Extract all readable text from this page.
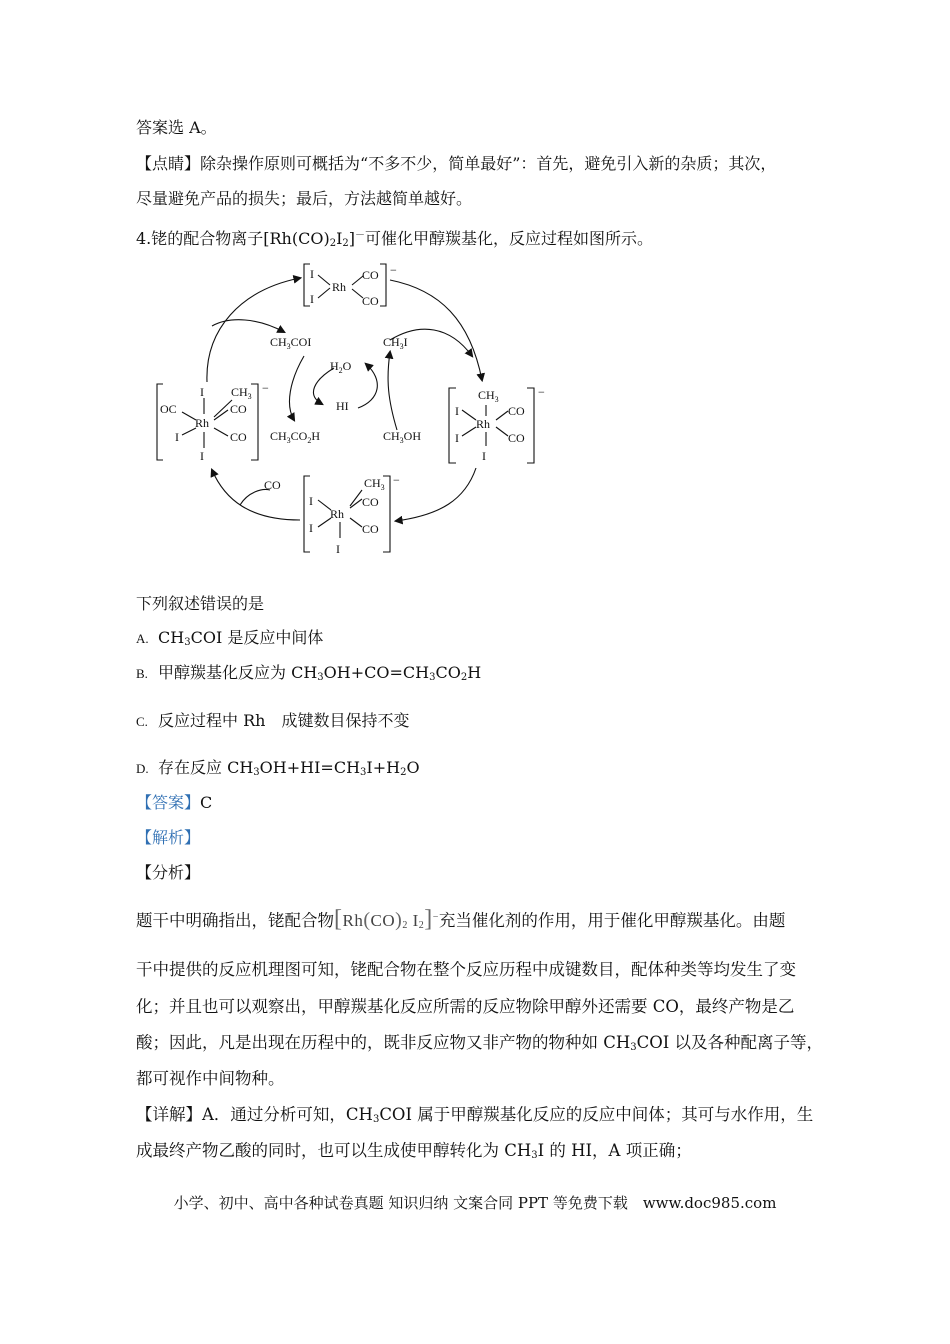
答案选 A。
【点睛】除杂操作原则可概括为“不多不少，简单最好”：首先，避免引入新的杂质；其次，
尽量避免产品的损失；最后，方法越简单越好。
4.铑的配合物离子$[Rh(CO)_2I_2]^-$可催化甲醇羰基化，反应过程如图所示。
I
I
Rh
CO
CO
−
$CH_3$
I
I
I
Rh
CO
CO
−
$CH_3$
I
I
I
Rh
CO
CO
−
$CH_3$
OC
I
I
I
Rh
CO
CO
−
$CH_3COI$
$H_2O$
HI
$CH_3I$
$CH_3CO_2H$	$CH_3OH$
CO
下列叙述错误的是
A. $CH_3COI$ 是反应中间体
B. 甲醇羰基化反应为 $CH_3OH+CO=CH_3CO_2H$
C. 反应过程中 Rh　成键数目保持不变
D. 存在反应 $CH_3OH+HI=CH_3I+H_2O$
【答案】C
【解析】
【分析】
题干中明确指出，铑配合物[$Rh(CO)_2$ $I_2]^-$充当催化剂的作用，用于催化甲醇羰基化。由题
干中提供的反应机理图可知，铑配合物在整个反应历程中成键数目，配体种类等均发生了变
化；并且也可以观察出，甲醇羰基化反应所需的反应物除甲醇外还需要 CO，最终产物是乙
酸；因此，凡是出现在历程中的，既非反应物又非产物的物种如 $CH_3COI$ 以及各种配离子等，
都可视作中间物种。
【详解】A．通过分析可知，$CH_3COI$ 属于甲醇羰基化反应的反应中间体；其可与水作用，生
成最终产物乙酸的同时，也可以生成使甲醇转化为 $CH_3I$ 的 HI，A 项正确；
小学、初中、高中各种试卷真题 知识归纳 文案合同 PPT 等免费下载　www.doc985.com
